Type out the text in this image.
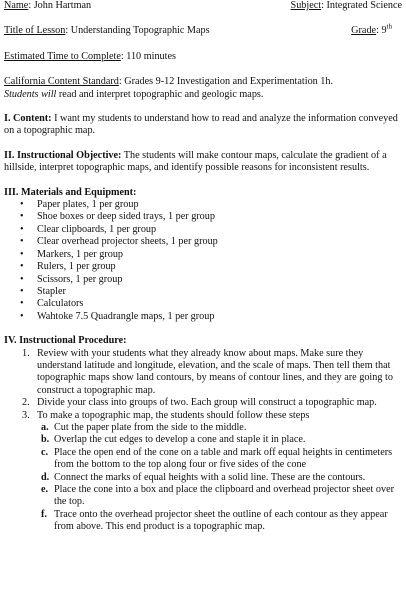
Name: John Hartman	Subject: Integrated Science
Title of Lesson: Understanding Topographic Maps	Grade: 9th

Estimated Time to Complete: 110 minutes

California Content Standard: Grades 9-12 Investigation and Experimentation 1h.

Students will read and interpret topographic and geologic maps.

I. Content: I want my students to understand how to read and analyze the information conveyed on a topographic map.

II. Instructional Objective: The students will make contour maps, calculate the gradient of a hillside, interpret topographic maps, and identify possible reasons for inconsistent results.

III. Materials and Equipment:

• Paper plates, 1 per group
• Shoe boxes or deep sided trays, 1 per group
• Clear clipboards, 1 per group
• Clear overhead projector sheets, 1 per group
• Markers, 1 per group
• Rulers, 1 per group
• Scissors, 1 per group
• Stapler
• Calculators
• Wahtoke 7.5 Quadrangle maps, 1 per group

IV. Instructional Procedure:

1. Review with your students what they already know about maps. Make sure they understand latitude and longitude, elevation, and the scale of maps. Then tell them that topographic maps show land contours, by means of contour lines, and they are going to construct a topographic map.
2. Divide your class into groups of two. Each group will construct a topographic map.
3. To make a topographic map, the students should follow these steps
a. Cut the paper plate from the side to the middle.
b. Overlap the cut edges to develop a cone and staple it in place.
c. Place the open end of the cone on a table and mark off equal heights in centimeters from the bottom to the top along four or five sides of the cone
d. Connect the marks of equal heights with a solid line. These are the contours.
e. Place the cone into a box and place the clipboard and overhead projector sheet over the top.
f. Trace onto the overhead projector sheet the outline of each contour as they appear from above. This end product is a topographic map.
